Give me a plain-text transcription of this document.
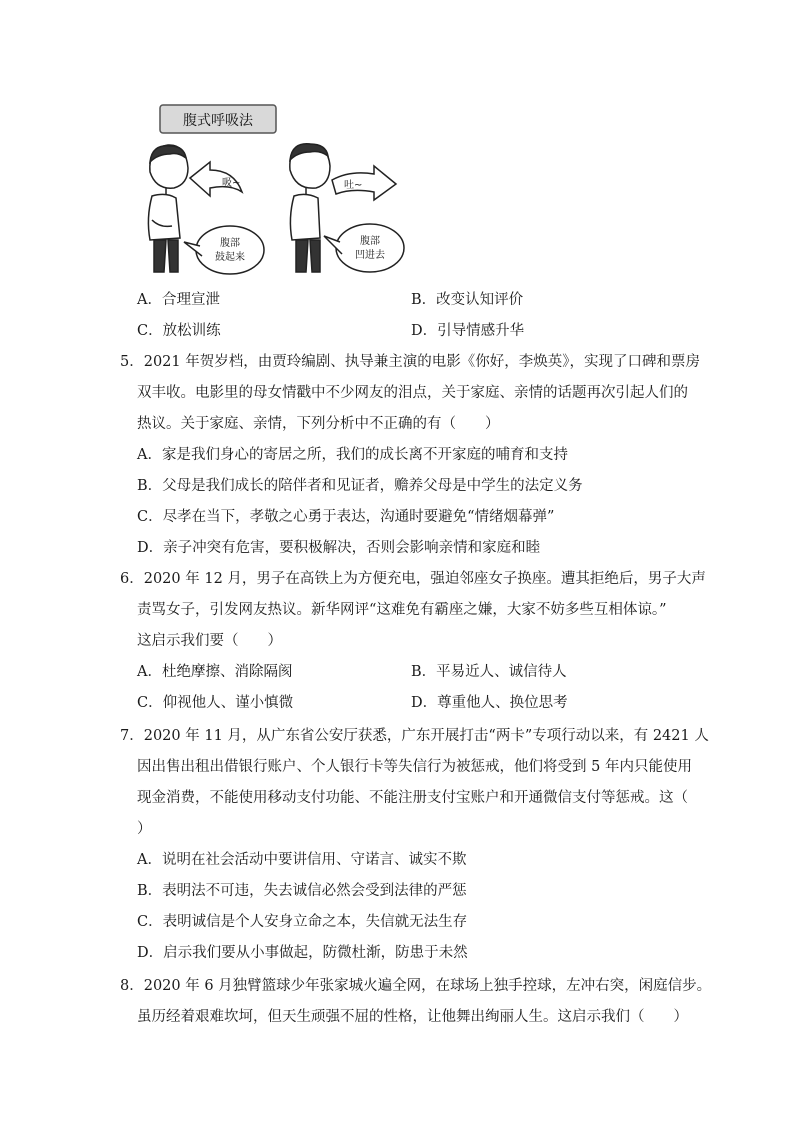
腹式呼吸法
吸~
腹部
鼓起来
吐~
腹部
凹进去
A．合理宣泄	B．改变认知评价
C．放松训练	D．引导情感升华
5．2021 年贺岁档，由贾玲编剧、执导兼主演的电影《你好，李焕英》，实现了口碑和票房
双丰收。电影里的母女情戳中不少网友的泪点，关于家庭、亲情的话题再次引起人们的
热议。关于家庭、亲情，下列分析中不正确的有（　　）
A．家是我们身心的寄居之所，我们的成长离不开家庭的哺育和支持
B．父母是我们成长的陪伴者和见证者，赡养父母是中学生的法定义务
C．尽孝在当下，孝敬之心勇于表达，沟通时要避免“情绪烟幕弹”
D．亲子冲突有危害，要积极解决，否则会影响亲情和家庭和睦
6．2020 年 12 月，男子在高铁上为方便充电，强迫邻座女子换座。遭其拒绝后，男子大声
责骂女子，引发网友热议。新华网评“这难免有霸座之嫌，大家不妨多些互相体谅。”
这启示我们要（　　）
A．杜绝摩擦、消除隔阂	B．平易近人、诚信待人
C．仰视他人、谨小慎微	D．尊重他人、换位思考
7．2020 年 11 月，从广东省公安厅获悉，广东开展打击“两卡”专项行动以来，有 2421 人
因出售出租出借银行账户、个人银行卡等失信行为被惩戒，他们将受到 5 年内只能使用
现金消费，不能使用移动支付功能、不能注册支付宝账户和开通微信支付等惩戒。这（
）
A．说明在社会活动中要讲信用、守诺言、诚实不欺
B．表明法不可违，失去诚信必然会受到法律的严惩
C．表明诚信是个人安身立命之本，失信就无法生存
D．启示我们要从小事做起，防微杜渐，防患于未然
8．2020 年 6 月独臂篮球少年张家城火遍全网，在球场上独手控球，左冲右突，闲庭信步。
虽历经着艰难坎坷，但天生顽强不屈的性格，让他舞出绚丽人生。这启示我们（　　）
